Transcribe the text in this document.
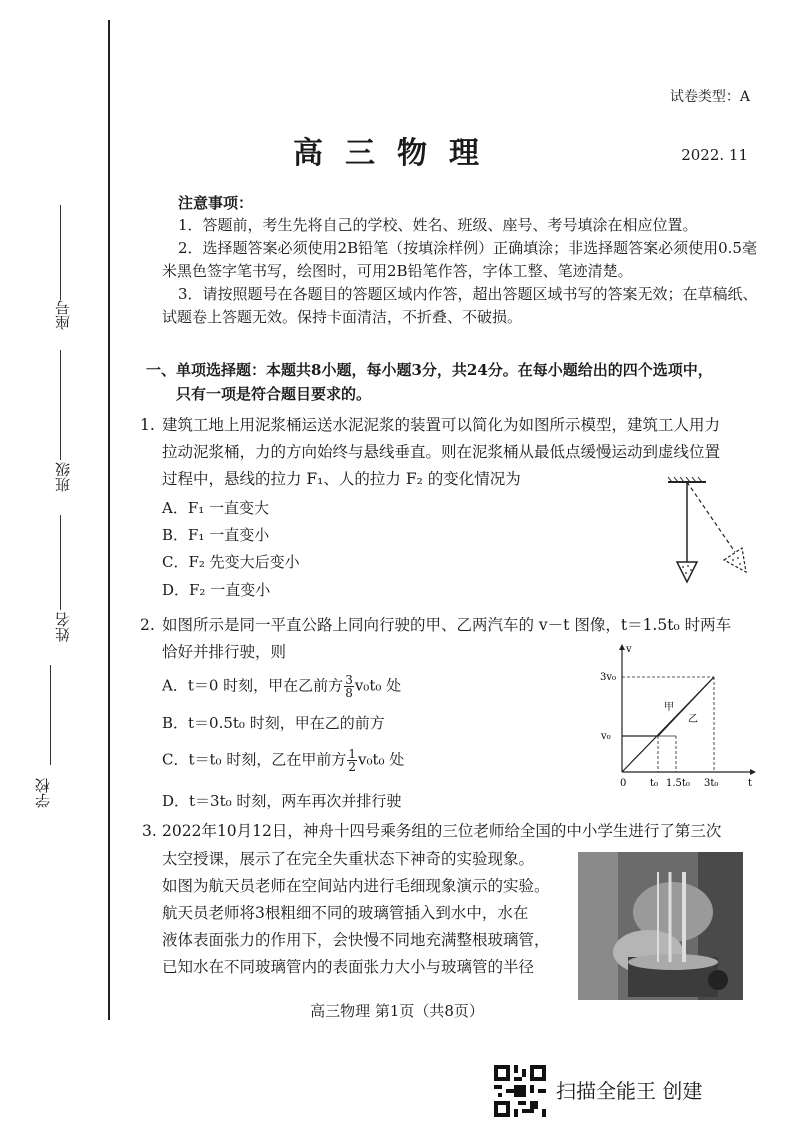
座号
班级
姓名
学校
试卷类型：A
高三物理	2022. 11
注意事项：

1．答题前，考生先将自己的学校、姓名、班级、座号、考号填涂在相应位置。

2．选择题答案必须使用2B铅笔（按填涂样例）正确填涂；非选择题答案必须使用0.5毫米黑色签字笔书写，绘图时，可用2B铅笔作答，字体工整、笔迹清楚。

3．请按照题号在各题目的答题区域内作答，超出答题区域书写的答案无效；在草稿纸、试题卷上答题无效。保持卡面清洁，不折叠、不破损。

一、单项选择题：本题共8小题，每小题3分，共24分。在每小题给出的四个选项中，
只有一项是符合题目要求的。
1. 建筑工地上用泥浆桶运送水泥泥浆的装置可以简化为如图所示模型，建筑工人用力
拉动泥浆桶，力的方向始终与悬线垂直。则在泥浆桶从最低点缓慢运动到虚线位置
过程中，悬线的拉力 F₁、人的拉力 F₂ 的变化情况为
A．F₁ 一直变大
B．F₁ 一直变小
C．F₂ 先变大后变小
D．F₂ 一直变小
2. 如图所示是同一平直公路上同向行驶的甲、乙两汽车的 v－t 图像，t＝1.5t₀ 时两车
恰好并排行驶，则
A．t＝0 时刻，甲在乙前方 $\frac{3}{8} v_0t_0$ 处
B．t＝0.5t₀ 时刻，甲在乙的前方
C．t＝t₀ 时刻，乙在甲前方 $\frac{1}{2} v_0t_0$ 处
D．t＝3t₀ 时刻，两车再次并排行驶
v
t
0
3v₀
v₀
t₀ 1.5t₀ 3t₀
甲
乙
3. 2022年10月12日，神舟十四号乘务组的三位老师给全国的中小学生进行了第三次
太空授课，展示了在完全失重状态下神奇的实验现象。
如图为航天员老师在空间站内进行毛细现象演示的实验。
航天员老师将3根粗细不同的玻璃管插入到水中，水在
液体表面张力的作用下，会快慢不同地充满整根玻璃管，
已知水在不同玻璃管内的表面张力大小与玻璃管的半径
高三物理 第1页（共8页）
扫描全能王 创建
